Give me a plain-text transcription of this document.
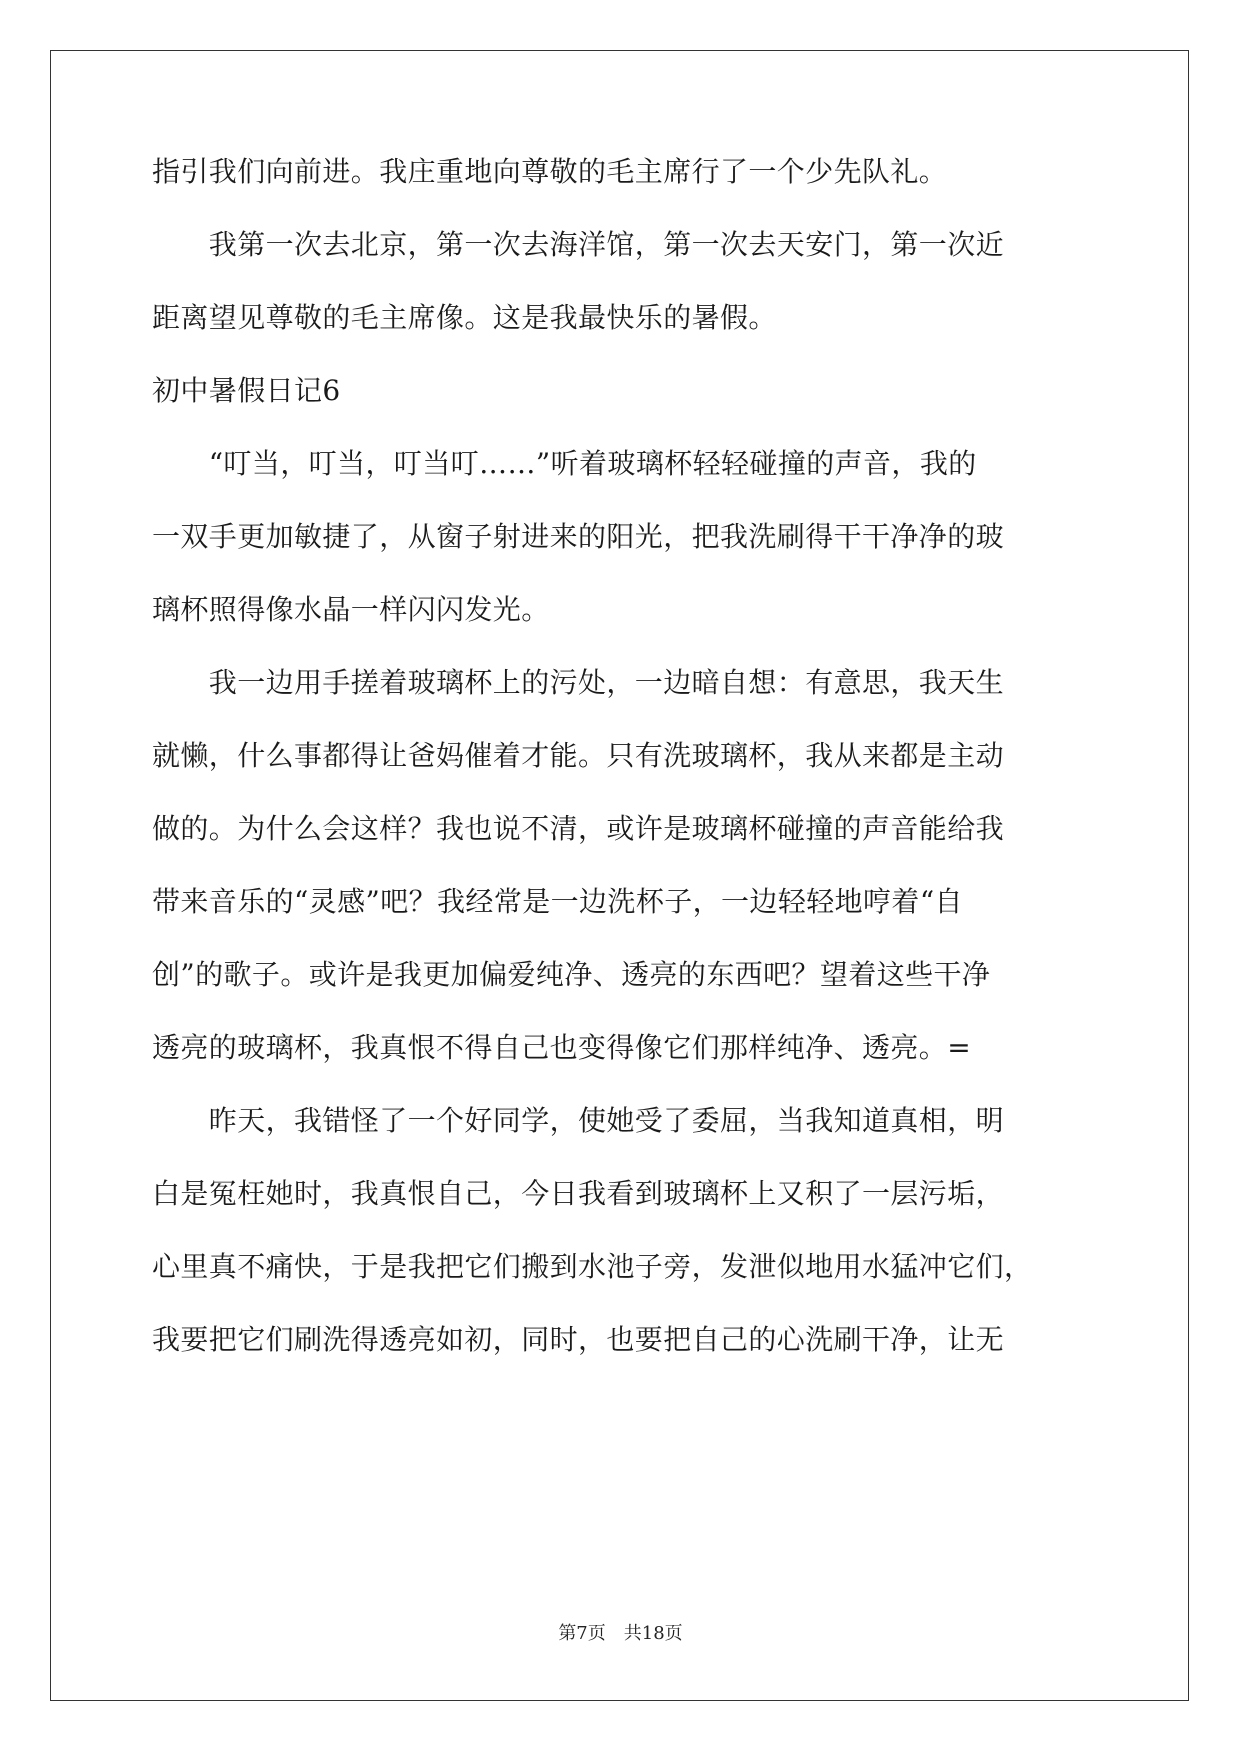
指引我们向前进。我庄重地向尊敬的毛主席行了一个少先队礼。
　　我第一次去北京，第一次去海洋馆，第一次去天安门，第一次近
距离望见尊敬的毛主席像。这是我最快乐的暑假。
初中暑假日记6
　　“叮当，叮当，叮当叮……”听着玻璃杯轻轻碰撞的声音，我的
一双手更加敏捷了，从窗子射进来的阳光，把我洗刷得干干净净的玻
璃杯照得像水晶一样闪闪发光。
　　我一边用手搓着玻璃杯上的污处，一边暗自想：有意思，我天生
就懒，什么事都得让爸妈催着才能。只有洗玻璃杯，我从来都是主动
做的。为什么会这样？我也说不清，或许是玻璃杯碰撞的声音能给我
带来音乐的“灵感”吧？我经常是一边洗杯子，一边轻轻地哼着“自
创”的歌子。或许是我更加偏爱纯净、透亮的东西吧？望着这些干净
透亮的玻璃杯，我真恨不得自己也变得像它们那样纯净、透亮。=
　　昨天，我错怪了一个好同学，使她受了委屈，当我知道真相，明
白是冤枉她时，我真恨自己，今日我看到玻璃杯上又积了一层污垢，
心里真不痛快，于是我把它们搬到水池子旁，发泄似地用水猛冲它们，
我要把它们刷洗得透亮如初，同时，也要把自己的心洗刷干净，让无
第7页　共18页
